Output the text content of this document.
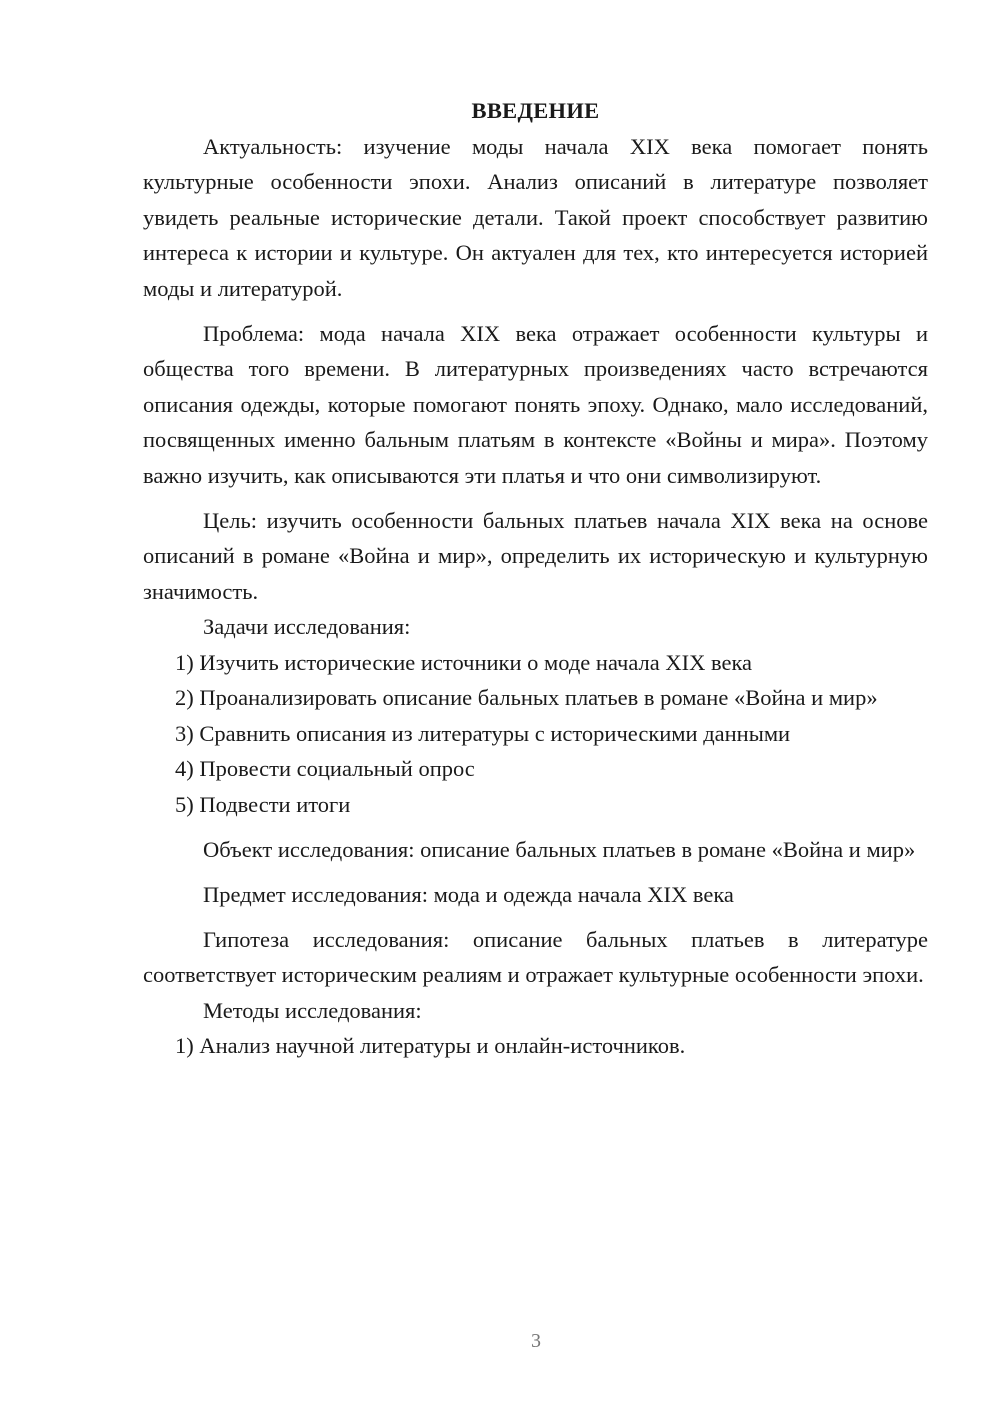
ВВЕДЕНИЕ

Актуальность: изучение моды начала XIX века помогает понять культурные особенности эпохи. Анализ описаний в литературе позволяет увидеть реальные исторические детали. Такой проект способствует развитию интереса к истории и культуре. Он актуален для тех, кто интересуется историей моды и литературой.

Проблема: мода начала XIX века отражает особенности культуры и общества того времени. В литературных произведениях часто встречаются описания одежды, которые помогают понять эпоху. Однако, мало исследований, посвященных именно бальным платьям в контексте «Войны и мира». Поэтому важно изучить, как описываются эти платья и что они символизируют.

Цель: изучить особенности бальных платьев начала XIX века на основе описаний в романе «Война и мир», определить их историческую и культурную значимость.

Задачи исследования:

1) Изучить исторические источники о моде начала XIX века

2) Проанализировать описание бальных платьев в романе «Война и мир»

3) Сравнить описания из литературы с историческими данными

4) Провести социальный опрос

5) Подвести итоги

Объект исследования: описание бальных платьев в романе «Война и мир»

Предмет исследования: мода и одежда начала XIX века

Гипотеза исследования: описание бальных платьев в литературе соответствует историческим реалиям и отражает культурные особенности эпохи.

Методы исследования:

1) Анализ научной литературы и онлайн-источников.

3
